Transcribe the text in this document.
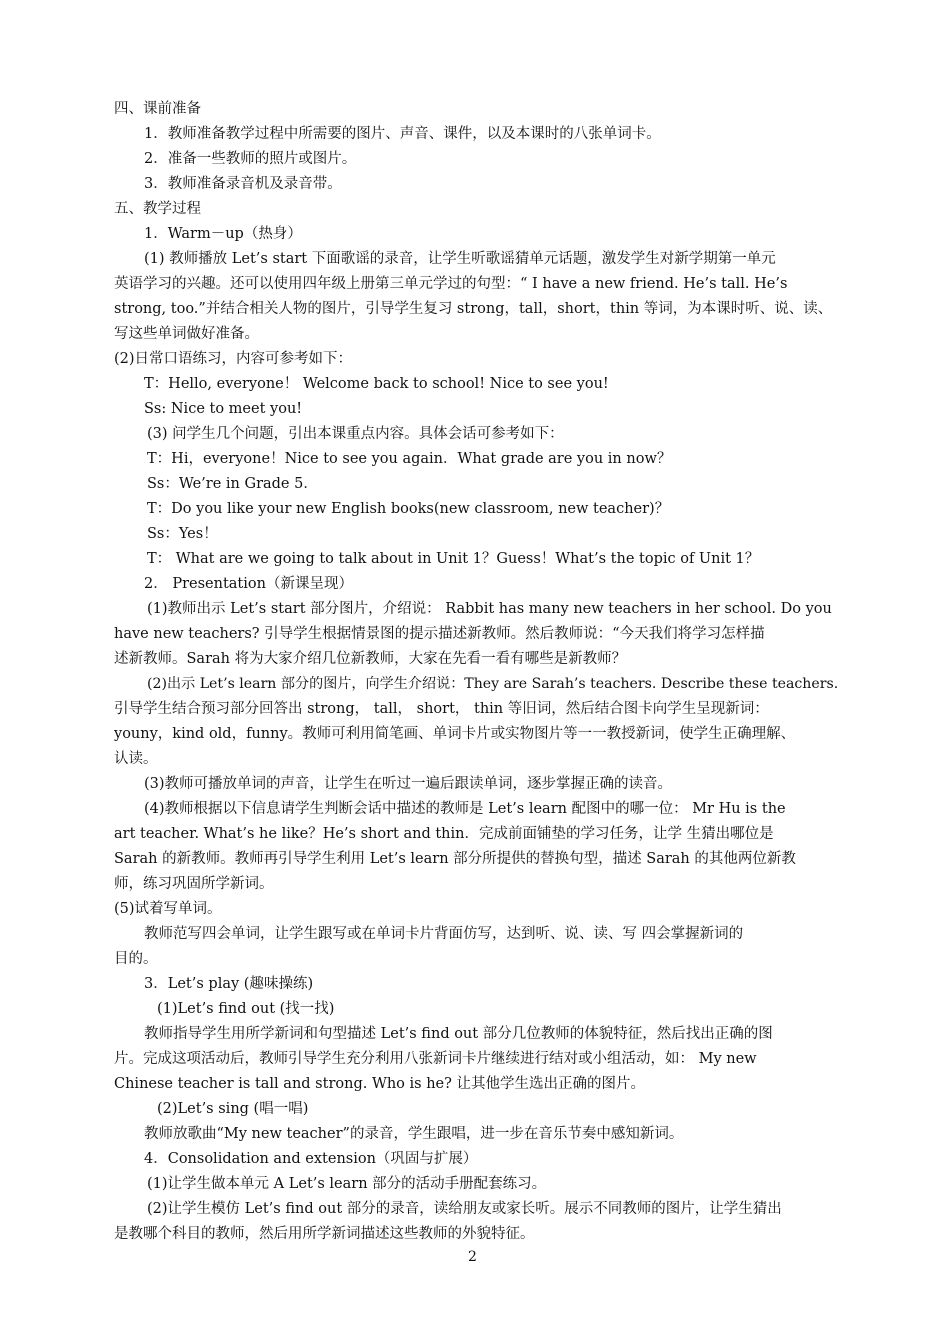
四、课前准备
1．教师准备教学过程中所需要的图片、声音、课件，以及本课时的八张单词卡。
2．准备一些教师的照片或图片。
3．教师准备录音机及录音带。
五、教学过程
1．Warm－up（热身）
(1) 教师播放 Let’s start 下面歌谣的录音，让学生听歌谣猜单元话题，激发学生对新学期第一单元
英语学习的兴趣。还可以使用四年级上册第三单元学过的句型：“ I have a new friend. He’s tall. He’s
strong, too.”并结合相关人物的图片，引导学生复习 strong，tall，short，thin 等词，为本课时听、说、读、
写这些单词做好准备。
(2)日常口语练习，内容可参考如下：
T：Hello, everyone！ Welcome back to school! Nice to see you!
Ss: Nice to meet you!
(3) 问学生几个问题，引出本课重点内容。具体会话可参考如下：
T：Hi，everyone！Nice to see you again．What grade are you in now？
Ss：We’re in Grade 5．
T：Do you like your new English books(new classroom, new teacher)？
Ss：Yes！
T： What are we going to talk about in Unit 1？Guess！What’s the topic of Unit 1？
2． Presentation（新课呈现）
(1)教师出示 Let’s start 部分图片，介绍说： Rabbit has many new teachers in her school. Do you
have new teachers? 引导学生根据情景图的提示描述新教师。然后教师说：“今天我们将学习怎样描
述新教师。Sarah 将为大家介绍几位新教师，大家在先看一看有哪些是新教师？
(2)出示 Let’s learn 部分的图片，向学生介绍说：They are Sarah’s teachers. Describe these teachers.
引导学生结合预习部分回答出 strong， tall， short， thin 等旧词，然后结合图卡向学生呈现新词：
youny，kind old，funny。教师可利用简笔画、单词卡片或实物图片等一一教授新词，使学生正确理解、
认读。
(3)教师可播放单词的声音，让学生在听过一遍后跟读单词，逐步掌握正确的读音。
(4)教师根据以下信息请学生判断会话中描述的教师是 Let’s learn 配图中的哪一位： Mr Hu is the
art teacher. What’s he like？He’s short and thin．完成前面铺垫的学习任务，让学 生猜出哪位是
Sarah 的新教师。教师再引导学生利用 Let’s learn 部分所提供的替换句型，描述 Sarah 的其他两位新教
师，练习巩固所学新词。
(5)试着写单词。
教师范写四会单词，让学生跟写或在单词卡片背面仿写，达到听、说、读、写 四会掌握新词的
目的。
3．Let’s play (趣味操练)
(1)Let’s find out (找一找)
教师指导学生用所学新词和句型描述 Let’s find out 部分几位教师的体貌特征，然后找出正确的图
片。完成这项活动后，教师引导学生充分利用八张新词卡片继续进行结对或小组活动，如： My new
Chinese teacher is tall and strong. Who is he? 让其他学生选出正确的图片。
(2)Let’s sing (唱一唱)
教师放歌曲“My new teacher”的录音，学生跟唱，进一步在音乐节奏中感知新词。
4．Consolidation and extension（巩固与扩展）
(1)让学生做本单元 A Let’s learn 部分的活动手册配套练习。
(2)让学生模仿 Let’s find out 部分的录音，读给朋友或家长听。展示不同教师的图片，让学生猜出
是教哪个科目的教师，然后用所学新词描述这些教师的外貌特征。
2
